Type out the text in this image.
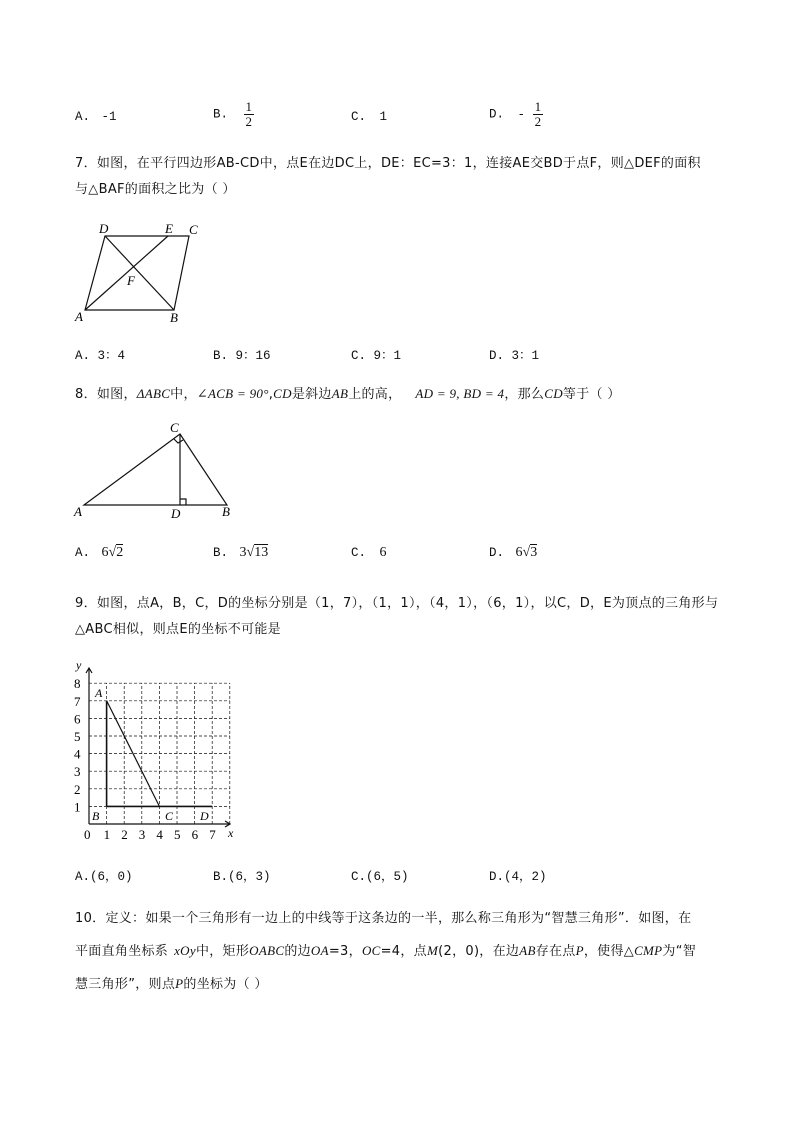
A. -1	B. $\frac{1}{2}$	C. 1	D. - $\frac{1}{2}$
7．如图，在平行四边形AB-CD中，点E在边DC上，DE：EC=3：1，连接AE交BD于点F，则△DEF的面积
与△BAF的面积之比为（ ）
D	E C
F
A	B
A. 3：4	B. 9：16	C. 9：1	D. 3：1
8．如图，ΔABC中，∠ACB = 90°,CD是斜边AB上的高， AD = 9, BD = 4，那么CD等于（ ）
C
A	D	B
A. 6√2	B. 3√13	C. 6	D. 6√3
9．如图，点A，B，C，D的坐标分别是（1，7），（1，1），（4，1），（6，1），以C，D，E为顶点的三角形与
△ABC相似，则点E的坐标不可能是
y
x
8
7
6
5
4
3
2
1
0 1 2 3 4 5 6 7
A
B	C D
A.(6，0)	B.(6，3)	C.(6，5)	D.(4，2)
10．定义：如果一个三角形有一边上的中线等于这条边的一半，那么称三角形为“智慧三角形”．如图，在
平面直角坐标系 xOy中，矩形OABC的边OA=3，OC=4，点M(2，0)，在边AB存在点P，使得△CMP为“智
慧三角形”，则点P的坐标为（ ）
